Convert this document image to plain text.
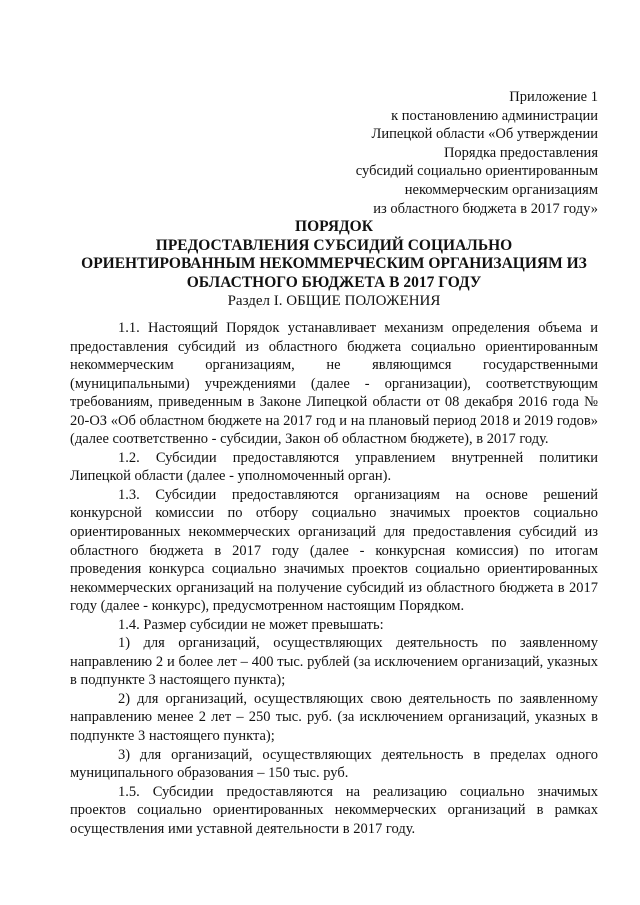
Приложение 1
к постановлению администрации
Липецкой области «Об утверждении
Порядка предоставления
субсидий социально ориентированным
некоммерческим организациям
из областного бюджета в 2017 году»
ПОРЯДОК
ПРЕДОСТАВЛЕНИЯ СУБСИДИЙ СОЦИАЛЬНО
ОРИЕНТИРОВАННЫМ НЕКОММЕРЧЕСКИМ ОРГАНИЗАЦИЯМ ИЗ
ОБЛАСТНОГО БЮДЖЕТА В 2017 ГОДУ
Раздел I. ОБЩИЕ ПОЛОЖЕНИЯ

1.1. Настоящий Порядок устанавливает механизм определения объема и предоставления субсидий из областного бюджета социально ориентированным некоммерческим организациям, не являющимся государственными (муниципальными) учреждениями (далее - организации), соответствующим требованиям, приведенным в Законе Липецкой области от 08 декабря 2016 года № 20-ОЗ «Об областном бюджете на 2017 год и на плановый период 2018 и 2019 годов» (далее соответственно - субсидии, Закон об областном бюджете), в 2017 году.

1.2. Субсидии предоставляются управлением внутренней политики Липецкой области (далее - уполномоченный орган).

1.3. Субсидии предоставляются организациям на основе решений конкурсной комиссии по отбору социально значимых проектов социально ориентированных некоммерческих организаций для предоставления субсидий из областного бюджета в 2017 году (далее - конкурсная комиссия) по итогам проведения конкурса социально значимых проектов социально ориентированных некоммерческих организаций на получение субсидий из областного бюджета в 2017 году (далее - конкурс), предусмотренном настоящим Порядком.

1.4. Размер субсидии не может превышать:

1) для организаций, осуществляющих деятельность по заявленному направлению 2 и более лет – 400 тыс. рублей (за исключением организаций, указных в подпункте 3 настоящего пункта);

2) для организаций, осуществляющих свою деятельность по заявленному направлению менее 2 лет – 250 тыс. руб. (за исключением организаций, указных в подпункте 3 настоящего пункта);

3) для организаций, осуществляющих деятельность в пределах одного муниципального образования – 150 тыс. руб.

1.5. Субсидии предоставляются на реализацию социально значимых проектов социально ориентированных некоммерческих организаций в рамках осуществления ими уставной деятельности в 2017 году.
